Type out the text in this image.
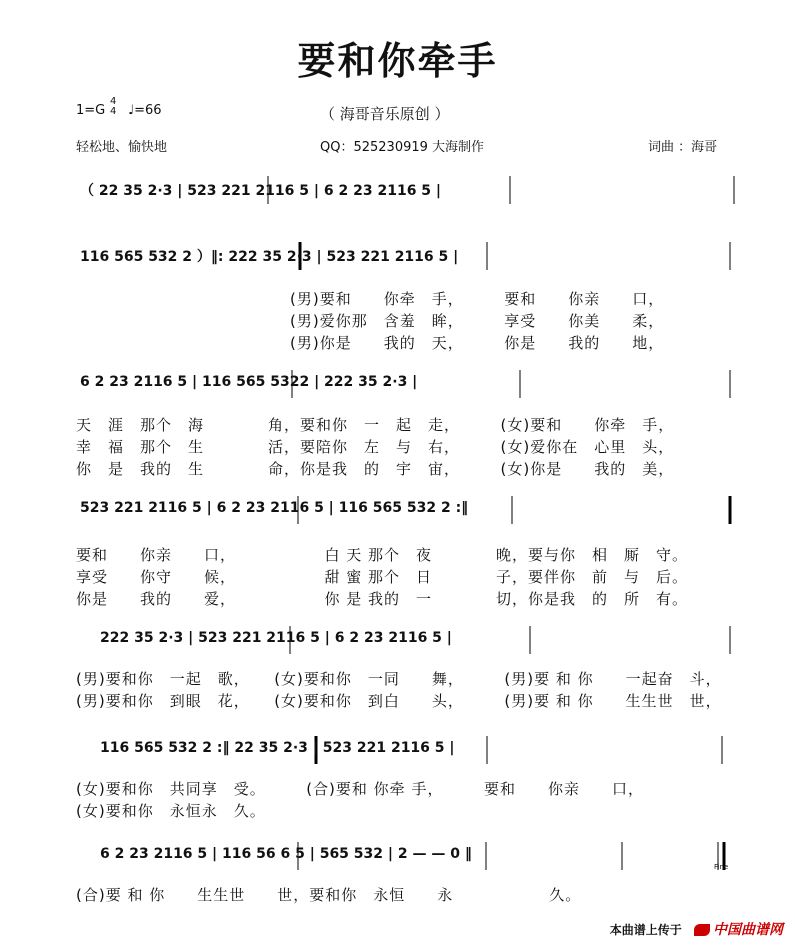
要和你牵手
1=G
4
4 ♩=66	（ 海哥音乐原创 ）
轻松地、愉快地	QQ：525230919 大海制作	词曲 ：海哥
（ 22 35 2·3 | 523 221 2116 5 | 6 2 23 2116 5 |
116 565 532 2 ）‖: 222 35 2·3 | 523 221 2116 5 |
(男)要和　　你牵　手，　　　要和　　你亲　　口，
(男)爱你那　含羞　眸，　　　享受　　你美　　柔，
(男)你是　　我的　天，　　　你是　　我的　　地，
6 2 23 2116 5 | 116 565 5322 | 222 35 2·3 |
天　涯　那个　海　　　　角，要和你　一　起　走，　　　(女)要和　　你牵　手，
幸　福　那个　生　　　　活，要陪你　左　与　右，　　　(女)爱你在　心里　头，
你　是　我的　生　　　　命，你是我　的　宇　宙，　　　(女)你是　　我的　美，
523 221 2116 5 | 6 2 23 2116 5 | 116 565 532 2 :‖
要和　　你亲　　口，　　　　　　白 天 那个　夜　　　　晚，要与你　相　厮　守。
享受　　你守　　候，　　　　　　甜 蜜 那个　日　　　　子，要伴你　前　与　后。
你是　　我的　　爱，　　　　　　你 是 我的　一　　　　切，你是我　的　所　有。
222 35 2·3 | 523 221 2116 5 | 6 2 23 2116 5 |
(男)要和你　一起　歌，　　(女)要和你　一同　　舞，　　　(男)要 和 你　　一起奋　斗，
(男)要和你　到眼　花，　　(女)要和你　到白　　头，　　　(男)要 和 你　　生生世　世，
116 565 532 2 :‖ 22 35 2·3 | 523 221 2116 5 |
(女)要和你　共同享　受。　　　(合)要和 你牵 手，　　　要和　　你亲　　口，
(女)要和你　永恒永　久。
6 2 23 2116 5 | 116 56 6 5 | 565 532 | 2 — — 0 ‖
Fine
(合)要 和 你　　生生世　　世，要和你　永恒　　永　　　　　　久。
本曲谱上传于 中国曲谱网
